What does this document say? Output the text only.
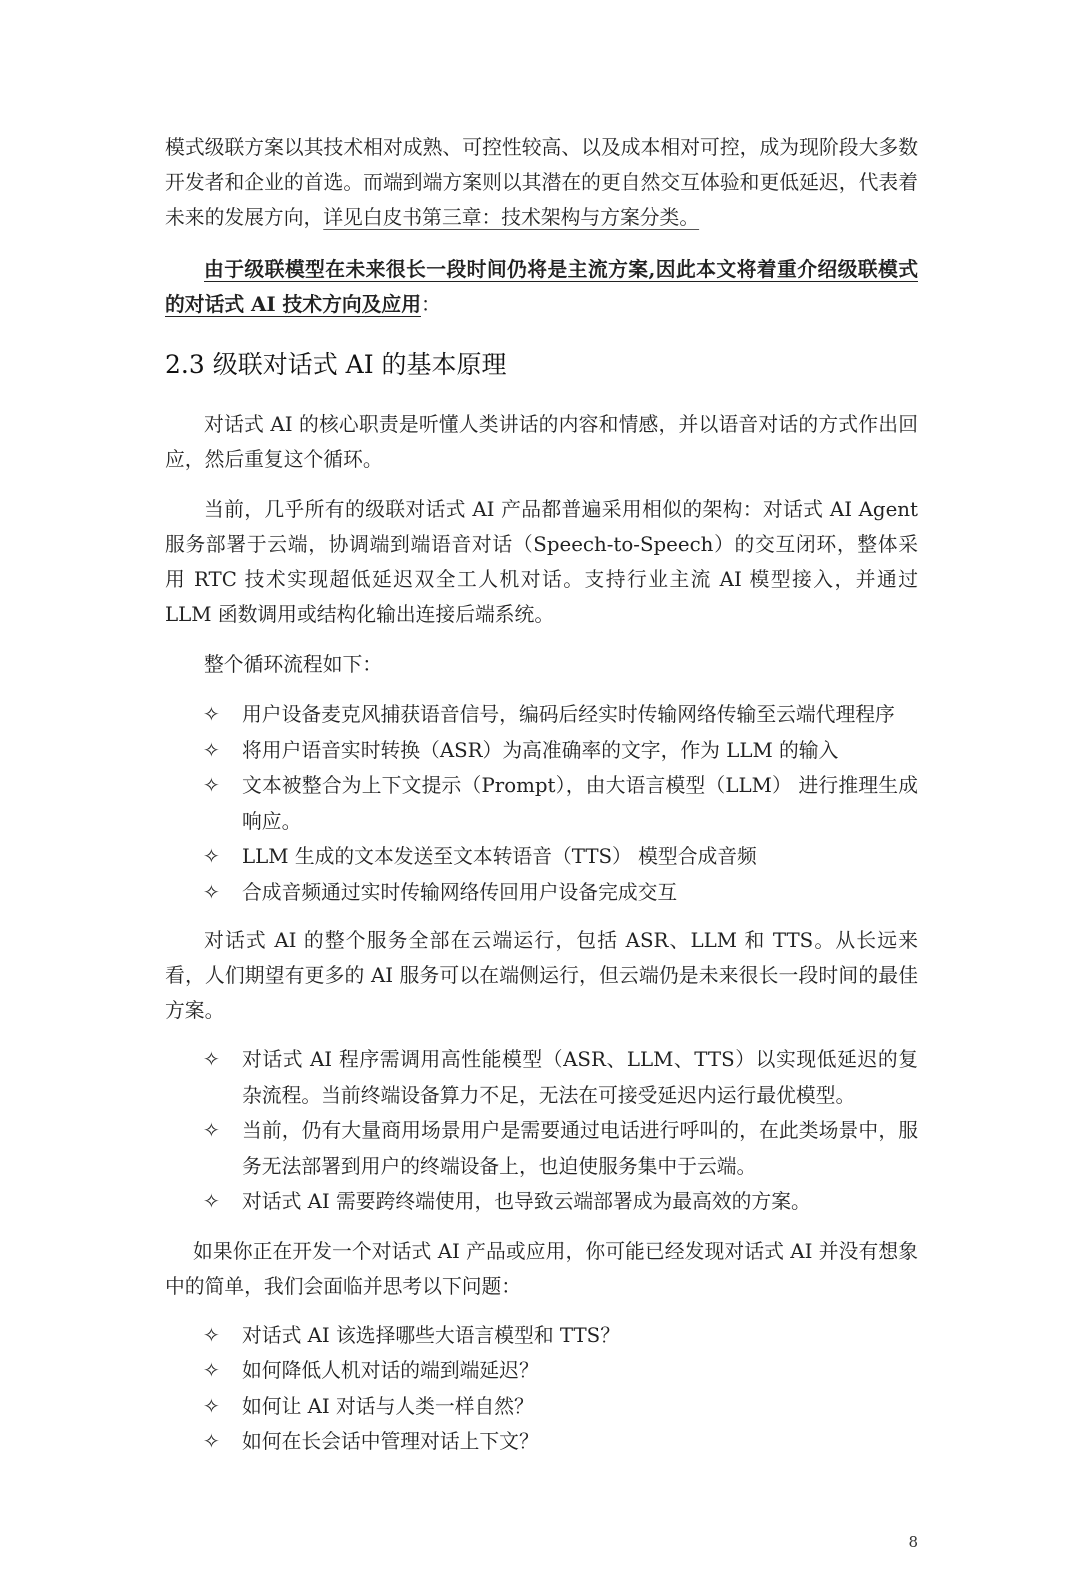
模式级联方案以其技术相对成熟、可控性较高、以及成本相对可控，成为现阶段大多数开发者和企业的首选。而端到端方案则以其潜在的更自然交互体验和更低延迟，代表着未来的发展方向，详见白皮书第三章：技术架构与方案分类。

由于级联模型在未来很长一段时间仍将是主流方案,因此本文将着重介绍级联模式的对话式 AI 技术方向及应用：

2.3 级联对话式 AI 的基本原理

对话式 AI 的核心职责是听懂人类讲话的内容和情感，并以语音对话的方式作出回应，然后重复这个循环。

当前，几乎所有的级联对话式 AI 产品都普遍采用相似的架构：对话式 AI Agent 服务部署于云端，协调端到端语音对话（Speech-to-Speech）的交互闭环，整体采用 RTC 技术实现超低延迟双全工人机对话。支持行业主流 AI 模型接入，并通过 LLM 函数调用或结构化输出连接后端系统。

整个循环流程如下：

✧ 用户设备麦克风捕获语音信号，编码后经实时传输网络传输至云端代理程序
✧ 将用户语音实时转换（ASR）为高准确率的文字，作为 LLM 的输入
✧ 文本被整合为上下文提示（Prompt），由大语言模型（LLM） 进行推理生成响应。
✧ LLM 生成的文本发送至文本转语音（TTS） 模型合成音频
✧ 合成音频通过实时传输网络传回用户设备完成交互

对话式 AI 的整个服务全部在云端运行，包括 ASR、LLM 和 TTS。从长远来看，人们期望有更多的 AI 服务可以在端侧运行，但云端仍是未来很长一段时间的最佳方案。

✧ 对话式 AI 程序需调用高性能模型（ASR、LLM、TTS）以实现低延迟的复杂流程。当前终端设备算力不足，无法在可接受延迟内运行最优模型。
✧ 当前，仍有大量商用场景用户是需要通过电话进行呼叫的，在此类场景中，服务无法部署到用户的终端设备上，也迫使服务集中于云端。
✧ 对话式 AI 需要跨终端使用，也导致云端部署成为最高效的方案。

如果你正在开发一个对话式 AI 产品或应用，你可能已经发现对话式 AI 并没有想象中的简单，我们会面临并思考以下问题：

✧ 对话式 AI 该选择哪些大语言模型和 TTS？
✧ 如何降低人机对话的端到端延迟？
✧ 如何让 AI 对话与人类一样自然？
✧ 如何在长会话中管理对话上下文？
8
